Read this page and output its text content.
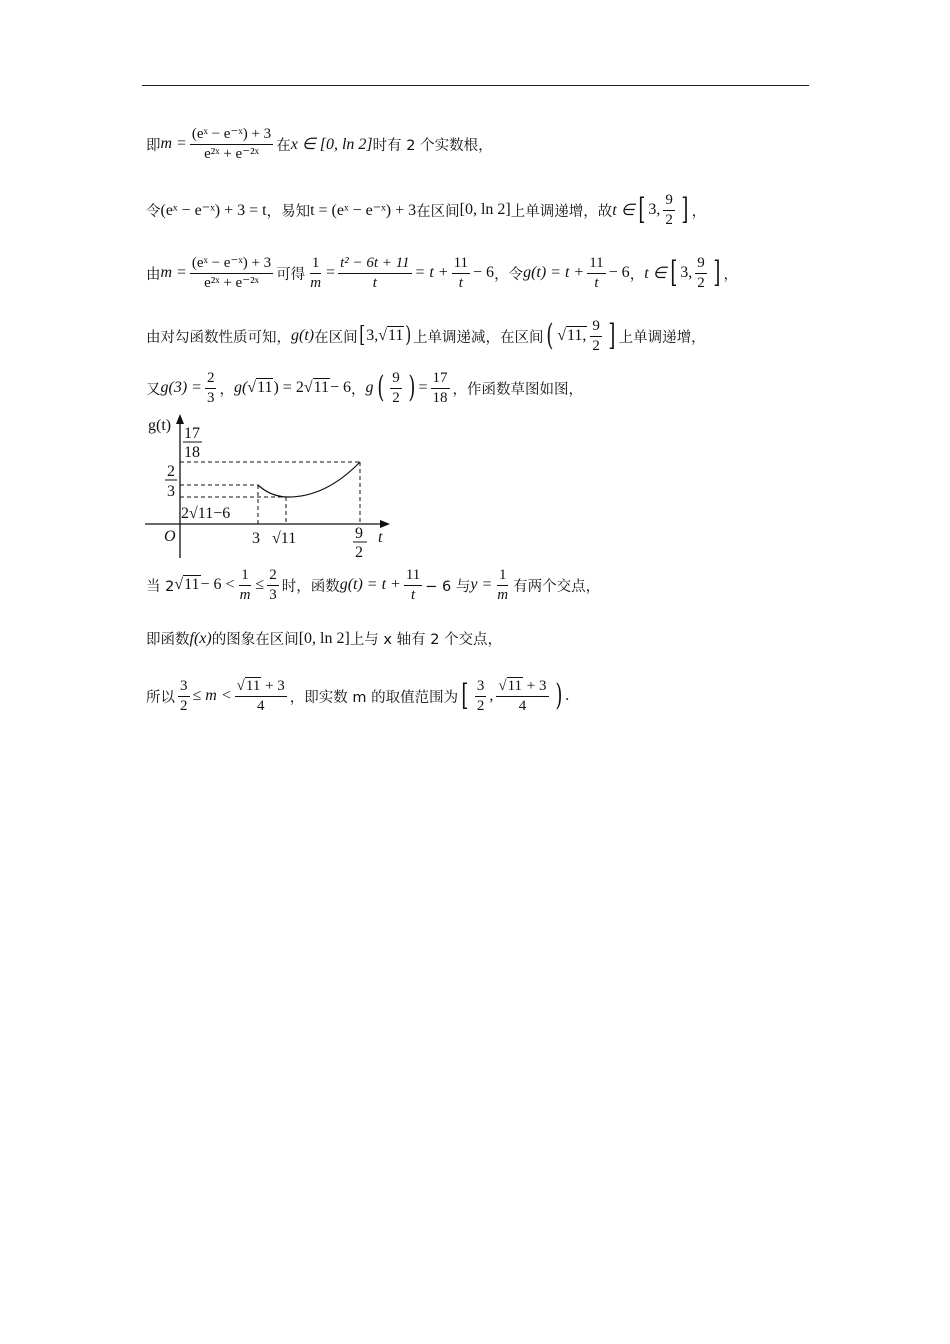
即 $m = \frac{\text{(eˣ − e⁻ˣ) + 3}}{\text{e²ˣ + e⁻²ˣ}}$ 在 x ∈ [0, ln 2] 时有 2 个实数根，
令 (eˣ − e⁻ˣ) + 3 = t ，易知 t = (eˣ − e⁻ˣ) + 3 在区间 [0, ln 2] 上单调递增，故 t ∈ [ 3, $\frac{9}{2}$ ] ，
由 $m = \frac{\text{(eˣ − e⁻ˣ) + 3}}{\text{e²ˣ + e⁻²ˣ}}$ 可得 $\frac{1}{m} = \frac{\text{t² − 6t + 11}}{t} = t + \frac{11}{t} - 6$ ，令 $g(t) = t + \frac{11}{t} - 6$ ， t ∈ [ 3, $\frac{9}{2}$ ] ，
由对勾函数性质可知， g(t) 在区间 [ 3, √ 11 ) 上单调递减，在区间 ( √ 11, $\frac{9}{2}$ ] 上单调递增，
又 $g(3) = \frac{2}{3}$ ， g( √ 11 ) = 2 √ 11 − 6 ， g ( $\frac{9}{2}$ ) = $\frac{17}{18}$ ，作函数草图如图，
g(t) 17
18
2
3
2√11−6
O	3 √11	9
2
t
当 2 √ $11 - 6 < \frac{1}{m} \le \frac{2}{3}$ 时，函数 $g(t) = t + \frac{11}{t} - 6$ 与 $y = \frac{1}{m}$ 有两个交点，
即函数 f(x) 的图象在区间 [0, ln 2] 上与 x 轴有 2 个交点，
所以 $\frac{3}{2} \le m < \frac{√11 + 3}{4}$ ，即实数 m 的取值范围为 [ $\frac{3}{2}$ , $\frac{√11 + 3}{4}$ ) .
